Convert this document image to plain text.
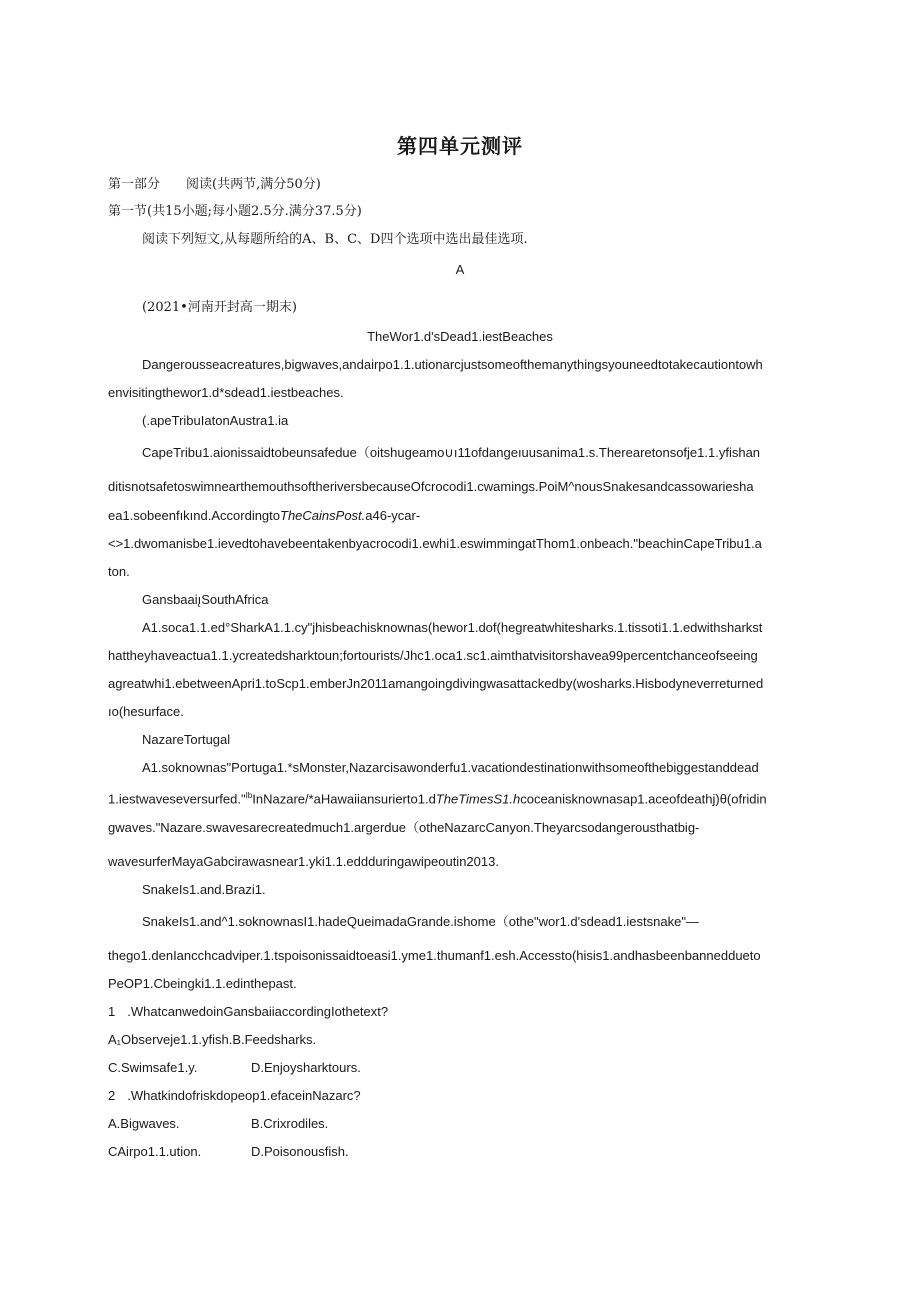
第四单元测评
第一部分　　阅读(共两节,满分50分)
第一节(共15小题;每小题2.5分.满分37.5分)
阅读下列短文,从每题所给的A、B、C、D四个选项中选出最佳选项.
A
(2021•河南开封高一期末)
TheWor1.d'sDead1.iestBeaches
Dangerousseacreatures,bigwaves,andairpo1.1.utionarcjustsomeofthemanythingsyouneedtotakecautiontowh
envisitingthewor1.d*sdead1.iestbeaches.
(.apeTribuIatonAustra1.ia
CapeTribu1.aionissaidtobeunsafedue（oitshugeamo∪ı11ofdangeıuusanima1.s.Therearetonsofje1.1.yfishan
ditisnotsafetoswimnearthemouthsoftheriversbecauseOfcrocodi1.cwamings.PoiM^nousSnakesandcassowariesha
ea1.sobeenfıkınd.AccordingtoTheCainsPost.a46-ycar-
<>1.dwomanisbe1.ievedtohavebeentakenbyacrocodi1.ewhi1.eswimmingatThom1.onbeach."beachinCapeTribu1.a
ton.
Gansbaaiı̨SouthAfrica
A1.soca1.1.ed°SharkA1.1.cy"jhisbeachisknownas(hewor1.dof(hegreatwhitesharks.1.tissoti1.1.edwithsharkst
hattheyhaveactua1.1.ycreatedsharktoun;fortourists/Jhc1.oca1.sc1.aimthatvisitorshavea99percentchanceofseeing
agreatwhi1.ebetweenApri1.toScp1.emberJn2011amangoingdivingwasattackedby(wosharks.Hisbodyneverreturned
ıo(hesurface.
NazareTortugal
A1.soknownas"Portuga1.*sMonster,Nazarcisawonderfu1.vacationdestinationwithsomeofthebiggestanddead
1.iestwaveseversurfed."$^{Ib}$InNazare/*aHawaiiansurierto1.dTheTimesS1.hcoceanisknownasap1.aceofdeathj)θ(ofridin
gwaves."Nazare.swavesarecreatedmuch1.argerdue（otheNazarcCanyon.Theyarcsodangerousthatbig-
wavesurferMayaGabcirawasnear1.yki1.1.eddduringawipeoutin2013.
SnakeIs1.and.Brazi1.
SnakeIs1.and^1.soknownasI1.hadeQueimadaGrande.ishome（othe"wor1.d'sdead1.iestsnake"—
thego1.denIancchcadviper.1.tspoisonissaidtoeasi1.yme1.thumanf1.esh.Accessto(hisis1.andhasbeenbanneddueto
PeOP1.Cbeingki1.1.edinthepast.
1 .WhatcanwedoinGansbaiiaccordingIothetext?
A₁Observeje1.1.yfish.B.Feedsharks.
C.Swimsafe1.y.	D.Enjoysharktours.
2 .Whatkindofriskdopeop1.efaceinNazarc?
A.Bigwaves.	B.Crixrodiles.
CAirpo1.1.ution.	D.Poisonousfish.
